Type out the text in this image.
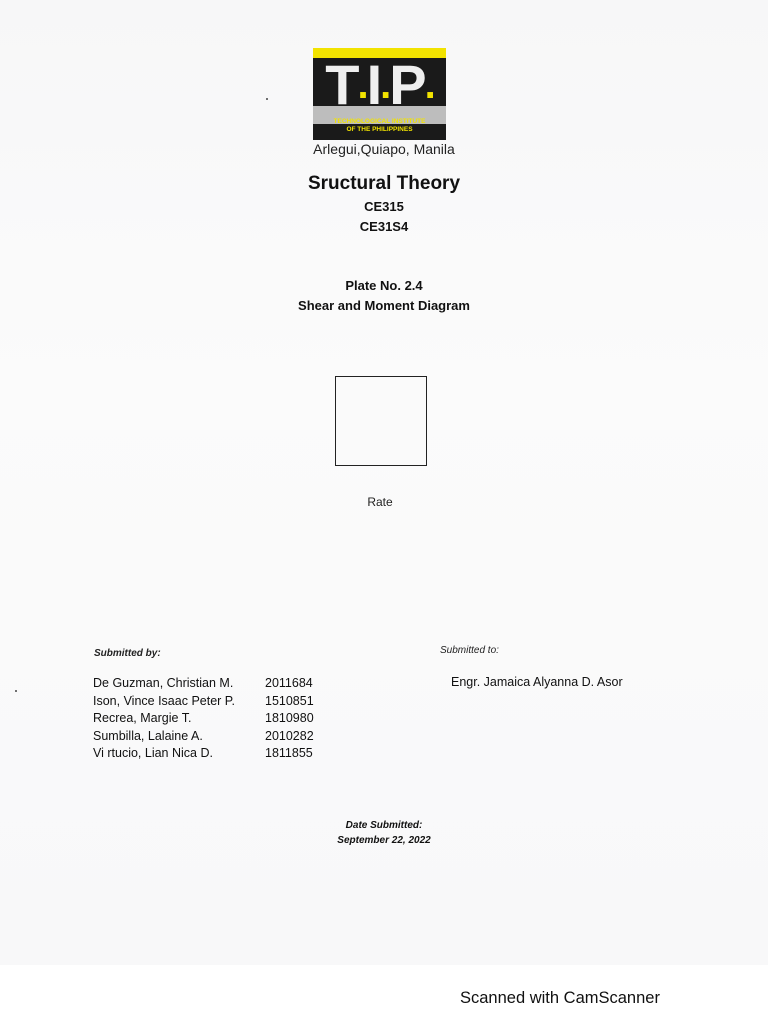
T . I . P .
TECHNOLOGICAL INSTITUTE
OF THE PHILIPPINES
Arlegui,Quiapo, Manila
Sructural Theory
CE315
CE31S4
Plate No. 2.4
Shear and Moment Diagram
Rate
Submitted by:	Submitted to:
De Guzman, Christian M.	2011684
Ison, Vince Isaac Peter P. 1510851
Recrea, Margie T.	1810980
Sumbilla, Lalaine A.	2010282
Vi rtucio, Lian Nica D.	1811855
Engr. Jamaica Alyanna D. Asor
Date Submitted:
September 22, 2022
Scanned with CamScanner
